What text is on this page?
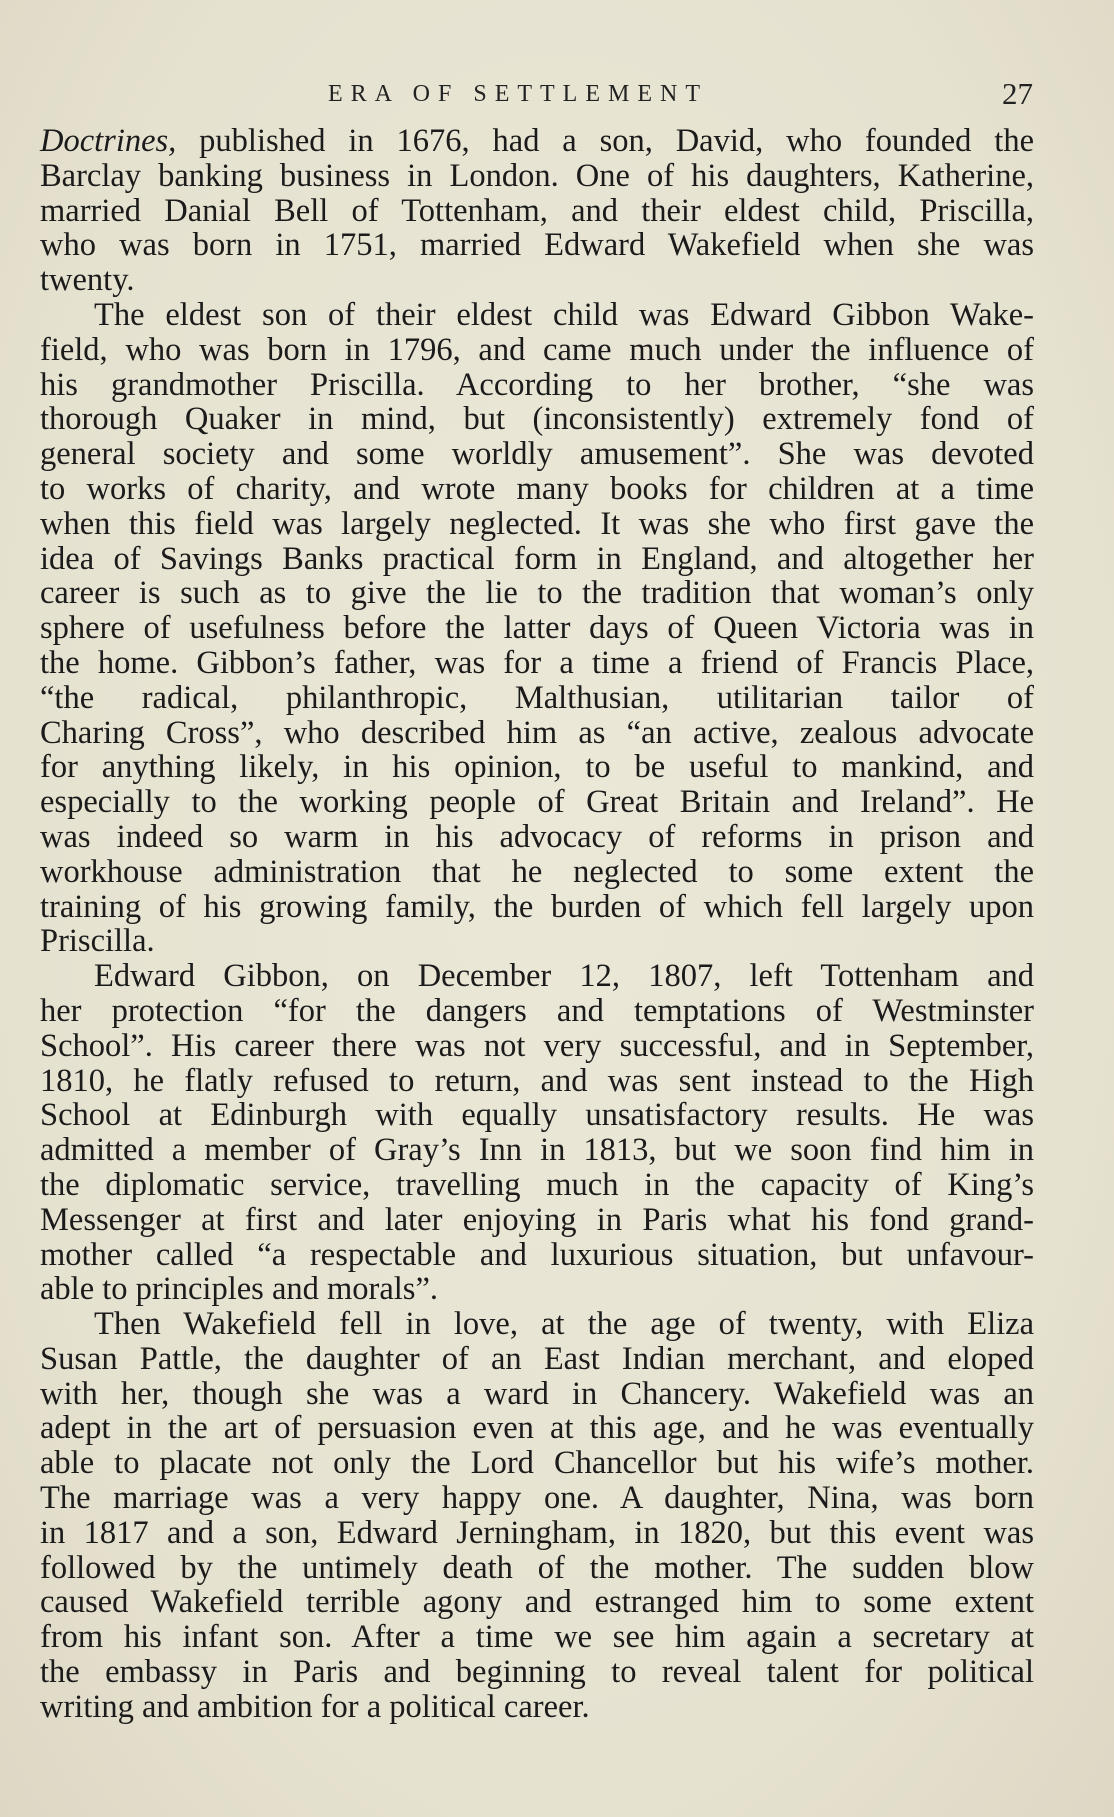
ERA OF SETTLEMENT	27
Doctrines, published in 1676, had a son, David, who founded the
Barclay banking business in London. One of his daughters, Katherine,
married Danial Bell of Tottenham, and their eldest child, Priscilla,
who was born in 1751, married Edward Wakefield when she was
twenty.
The eldest son of their eldest child was Edward Gibbon Wake-
field, who was born in 1796, and came much under the influence of
his grandmother Priscilla. According to her brother, “she was
thorough Quaker in mind, but (inconsistently) extremely fond of
general society and some worldly amusement”. She was devoted
to works of charity, and wrote many books for children at a time
when this field was largely neglected. It was she who first gave the
idea of Savings Banks practical form in England, and altogether her
career is such as to give the lie to the tradition that woman’s only
sphere of usefulness before the latter days of Queen Victoria was in
the home. Gibbon’s father, was for a time a friend of Francis Place,
“the radical, philanthropic, Malthusian, utilitarian tailor of
Charing Cross”, who described him as “an active, zealous advocate
for anything likely, in his opinion, to be useful to mankind, and
especially to the working people of Great Britain and Ireland”. He
was indeed so warm in his advocacy of reforms in prison and
workhouse administration that he neglected to some extent the
training of his growing family, the burden of which fell largely upon
Priscilla.
Edward Gibbon, on December 12, 1807, left Tottenham and
her protection “for the dangers and temptations of Westminster
School”. His career there was not very successful, and in September,
1810, he flatly refused to return, and was sent instead to the High
School at Edinburgh with equally unsatisfactory results. He was
admitted a member of Gray’s Inn in 1813, but we soon find him in
the diplomatic service, travelling much in the capacity of King’s
Messenger at first and later enjoying in Paris what his fond grand-
mother called “a respectable and luxurious situation, but unfavour-
able to principles and morals”.
Then Wakefield fell in love, at the age of twenty, with Eliza
Susan Pattle, the daughter of an East Indian merchant, and eloped
with her, though she was a ward in Chancery. Wakefield was an
adept in the art of persuasion even at this age, and he was eventually
able to placate not only the Lord Chancellor but his wife’s mother.
The marriage was a very happy one. A daughter, Nina, was born
in 1817 and a son, Edward Jerningham, in 1820, but this event was
followed by the untimely death of the mother. The sudden blow
caused Wakefield terrible agony and estranged him to some extent
from his infant son. After a time we see him again a secretary at
the embassy in Paris and beginning to reveal talent for political
writing and ambition for a political career.
